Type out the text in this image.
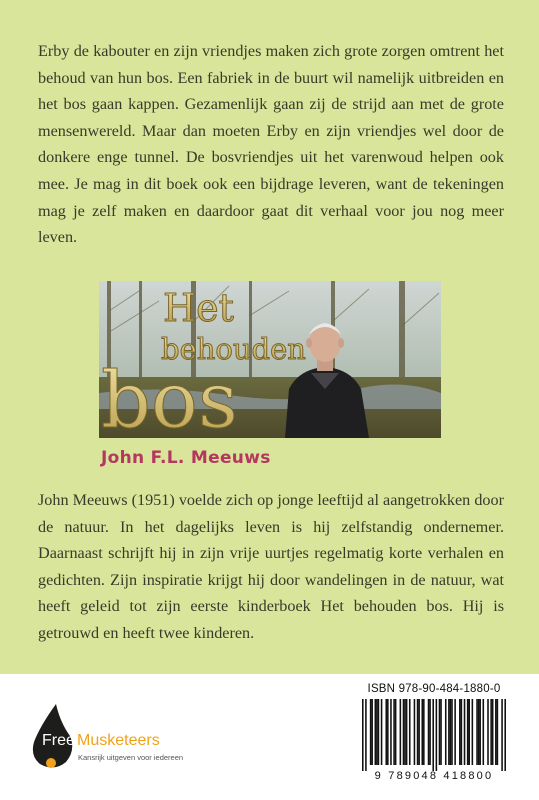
Erby de kabouter en zijn vriendjes maken zich grote zorgen omtrent het behoud van hun bos. Een fabriek in de buurt wil namelijk uitbreiden en het bos gaan kappen. Gezamenlijk gaan zij de strijd aan met de grote mensenwereld. Maar dan moeten Erby en zijn vriendjes wel door de donkere enge tunnel. De bosvriendjes uit het varenwoud helpen ook mee. Je mag in dit boek ook een bijdrage leveren, want de tekeningen mag je zelf maken en daardoor gaat dit verhaal voor jou nog meer leven.

Het
behouden
bos

John F.L. Meeuws

John Meeuws (1951) voelde zich op jonge leeftijd al aangetrokken door de natuur. In het dagelijks leven is hij zelfstandig ondernemer. Daarnaast schrijft hij in zijn vrije uurtjes regelmatig korte verhalen en gedichten. Zijn inspiratie krijgt hij door wandelingen in de natuur, wat heeft geleid tot zijn eerste kinderboek Het behouden bos. Hij is getrouwd en heeft twee kinderen.

Free Musketeers
Kansrijk uitgeven voor iedereen
ISBN 978-90-484-1880-0
9 789048 418800
